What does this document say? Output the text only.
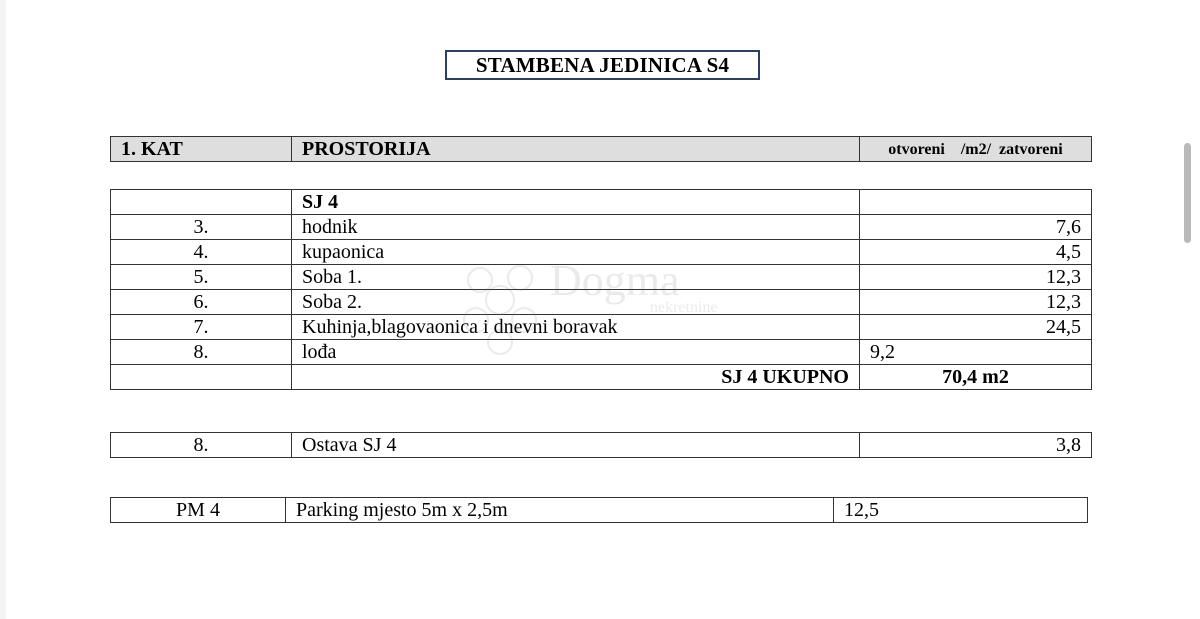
STAMBENA JEDINICA S4
1. KAT	PROSTORIJA	otvoreni    /m2/  zatvoreni
	SJ 4	
3.	hodnik	7,6
4.	kupaonica	4,5
5.	Soba 1.	12,3
6.	Soba 2.	12,3
7.	Kuhinja,blagovaonica i dnevni boravak	24,5
8.	lođa	9,2
	SJ 4 UKUPNO	70,4 m2
8.	Ostava SJ 4	3,8
PM 4	Parking mjesto 5m x 2,5m	12,5
